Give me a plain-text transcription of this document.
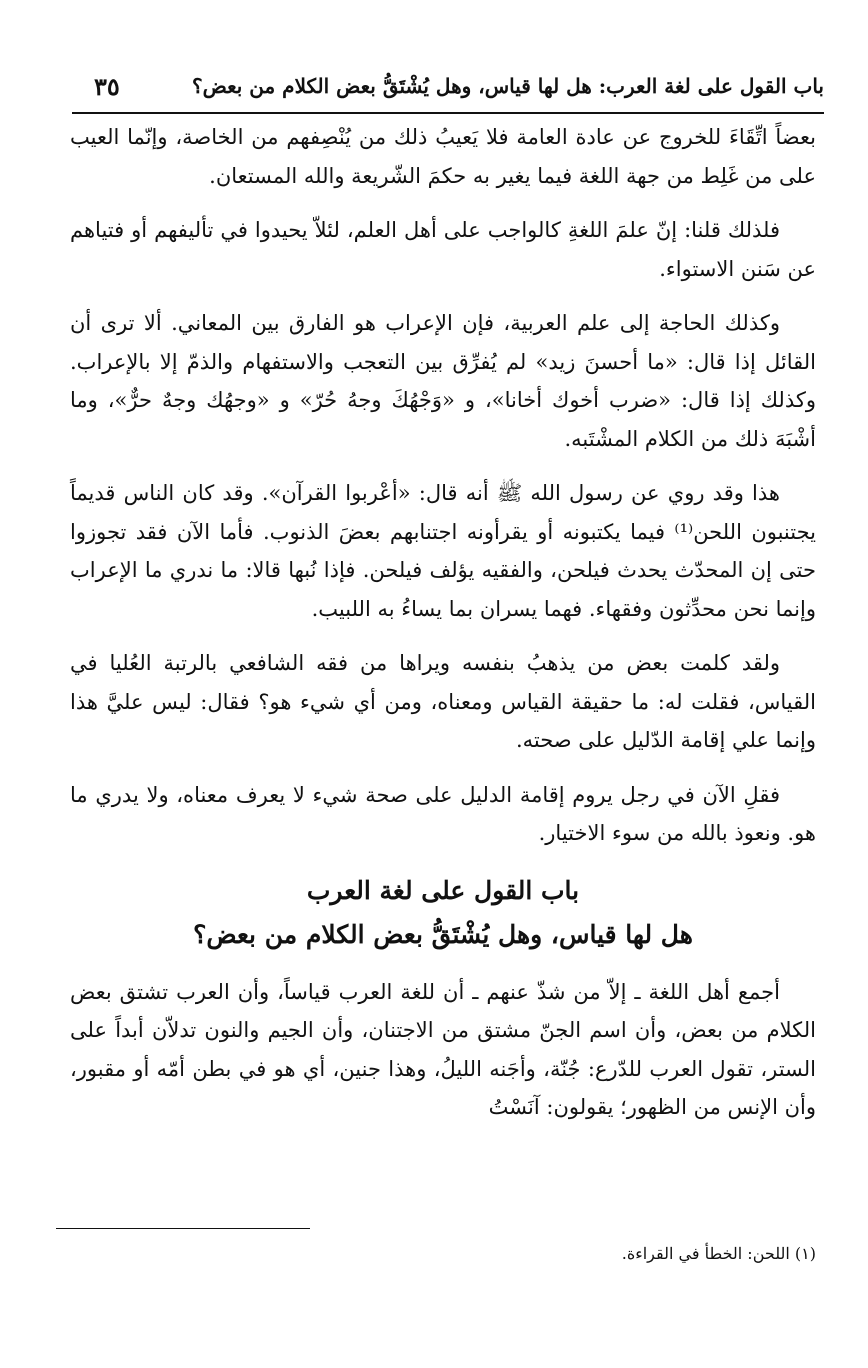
باب القول على لغة العرب: هل لها قياس، وهل يُشْتَقُّ بعض الكلام من بعض؟
٣٥

بعضاً اتِّقَاءَ للخروج عن عادة العامة فلا يَعيبُ ذلك من يُنْصِفهم من الخاصة، وإنّما العيب على من غَلِط من جهة اللغة فيما يغير به حكمَ الشّريعة والله المستعان.

فلذلك قلنا: إنّ علمَ اللغةِ كالواجب على أهل العلم، لئلاّ يحيدوا في تأليفهم أو فتياهم عن سَنن الاستواء.

وكذلك الحاجة إلى علم العربية، فإن الإعراب هو الفارق بين المعاني. ألا ترى أن القائل إذا قال: «ما أحسنَ زيد» لم يُفرِّق بين التعجب والاستفهام والذمّ إلا بالإعراب. وكذلك إذا قال: «ضرب أخوك أخانا»، و «وَجْهُكَ وجهُ حُرّ» و «وجهُك وجهٌ حرٌّ»، وما أشْبَهَ ذلك من الكلام المشْتَبه.

هذا وقد روي عن رسول الله ﷺ أنه قال: «أعْربوا القرآن». وقد كان الناس قديماً يجتنبون اللحن⁽¹⁾ فيما يكتبونه أو يقرأونه اجتنابهم بعضَ الذنوب. فأما الآن فقد تجوزوا حتى إن المحدّث يحدث فيلحن، والفقيه يؤلف فيلحن. فإذا نُبها قالا: ما ندري ما الإعراب وإنما نحن محدِّثون وفقهاء. فهما يسران بما يساءُ به اللبيب.

ولقد كلمت بعض من يذهبُ بنفسه ويراها من فقه الشافعي بالرتبة العُليا في القياس، فقلت له: ما حقيقة القياس ومعناه، ومن أي شيء هو؟ فقال: ليس عليَّ هذا وإنما علي إقامة الدّليل على صحته.

فقلِ الآن في رجل يروم إقامة الدليل على صحة شيء لا يعرف معناه، ولا يدري ما هو. ونعوذ بالله من سوء الاختيار.

باب القول على لغة العرب
هل لها قياس، وهل يُشْتَقُّ بعض الكلام من بعض؟

أجمع أهل اللغة ـ إلاّ من شذّ عنهم ـ أن للغة العرب قياساً، وأن العرب تشتق بعض الكلام من بعض، وأن اسم الجنّ مشتق من الاجتنان، وأن الجيم والنون تدلاّن أبداً على الستر، تقول العرب للدّرع: جُنّة، وأجَنه الليلُ، وهذا جنين، أي هو في بطن أمّه أو مقبور، وأن الإنس من الظهور؛ يقولون: آنَسْتُ

(١) اللحن: الخطأ في القراءة.
